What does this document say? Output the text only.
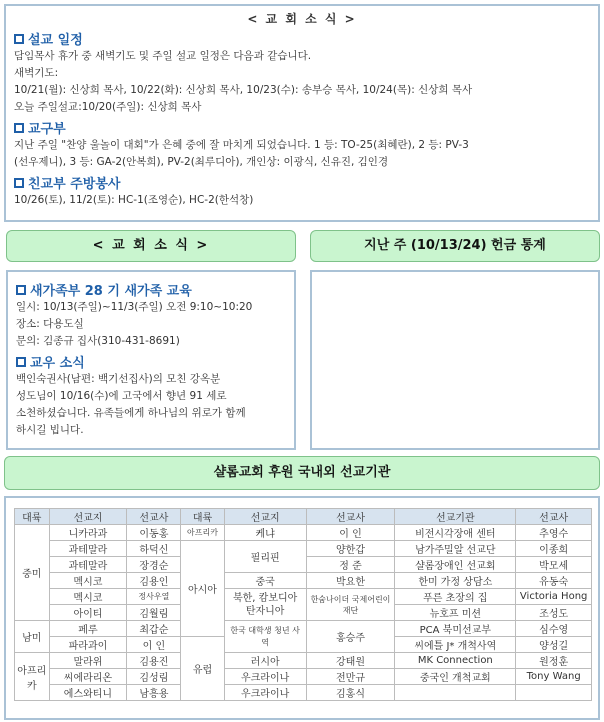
< 교 회 소 식 >
설교 일정
담임목사 휴가 중 새벽기도 및 주일 설교 일정은 다음과 같습니다.
새벽기도:
10/21(월): 신상희 목사, 10/22(화): 신상희 목사, 10/23(수): 송부승 목사, 10/24(목): 신상희 목사
오늘 주일설교:10/20(주일): 신상희 목사
교구부
지난 주일 "찬양 울놀이 대회"가 은혜 중에 잘 마치게 되었습니다. 1 등: TO-25(최혜란), 2 등: PV-3
(선우제니), 3 등: GA-2(안복희), PV-2(최루디아), 개인상: 이광식, 신유진, 김인경
친교부 주방봉사
10/26(토), 11/2(토): HC-1(조영순), HC-2(한석창)
< 교 회 소 식 >	지난 주 (10/13/24) 헌금 통계
새가족부 28 기 새가족 교육
일시: 10/13(주일)~11/3(주일) 오전 9:10~10:20
장소: 다용도실
문의: 김종규 집사(310-431-8691)
교우 소식
백인숙권사(남편: 백기선집사)의 모친 강옥분
성도님이 10/16(수)에 고국에서 향년 91 세로
소천하셨습니다. 유족들에게 하나님의 위로가 함께
하시길 빕니다.
샬롬교회 후원 국내외 선교기관
대륙	선교지	선교사	대륙	선교지	선교사	선교기관	선교사
중미	니카라과	이동홍	아프리카	케냐	이 인	비전시각장애 센터	추영수
	과테말라	하덕신	아시아	필리핀	양한갑	남가주밀알 선교단	이종희
	과테말라	장경순			정 준	샬롬장애인 선교회	박모세
	멕시코	김용인		중국	박요한	한미 가정 상담소	유동숙
	멕시코	정사우열		북한, 캄보디아 탄자니아	한숨나이더 국제어린이 재단	푸른 초장의 집	Victoria Hong
	아이티	김월림				뉴호프 미션	조성도
남미	페루	최갑순		한국 대학생 청년 사역	홍승주	PCA 북미선교부	심수영
	파라과이	이 인	유럽			씨에틀 J* 개척사역	양성길
아프리카	말라위	김용진		러시아	강태원	MK Connection	원정훈
	씨에라리온	김성림		우크라이나	전만규	중국인 개척교회	Tony Wang
	에스와티니	남흥용		우크라이나	김홍식		
